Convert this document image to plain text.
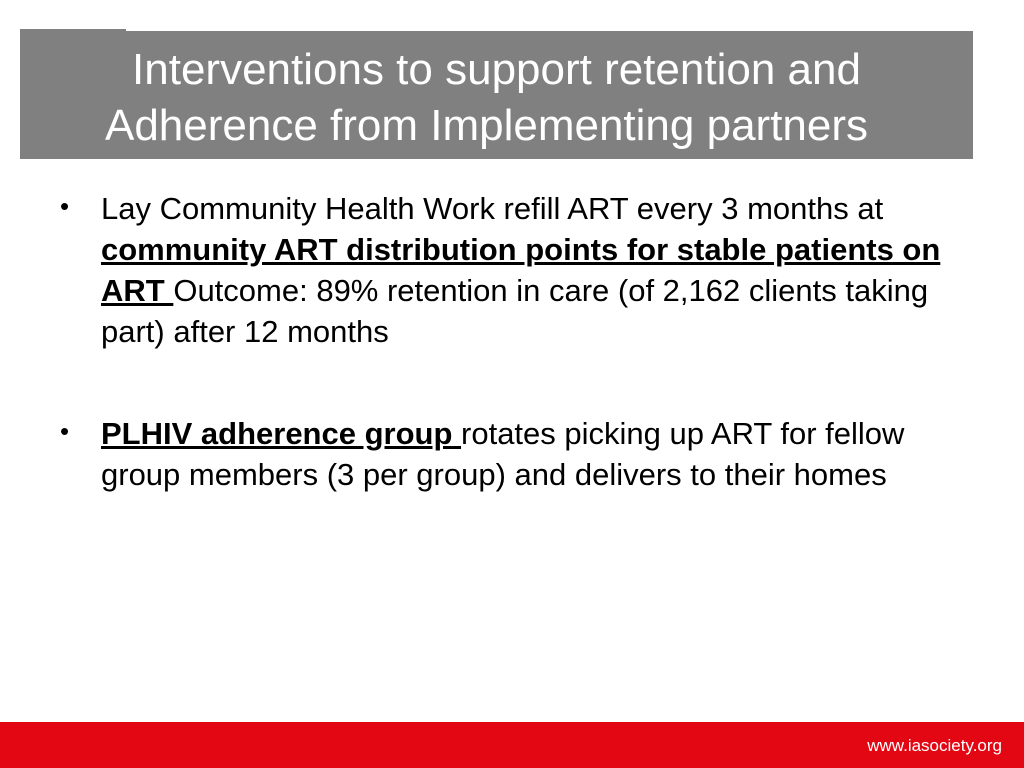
Interventions to support retention and
Adherence from Implementing partners
• Lay Community Health Work refill ART every 3 months at community ART distribution points for stable patients on ART Outcome: 89% retention in care (of 2,162 clients taking part) after 12 months
• PLHIV adherence group rotates picking up ART for fellow group members (3 per group) and delivers to their homes
www.iasociety.org
